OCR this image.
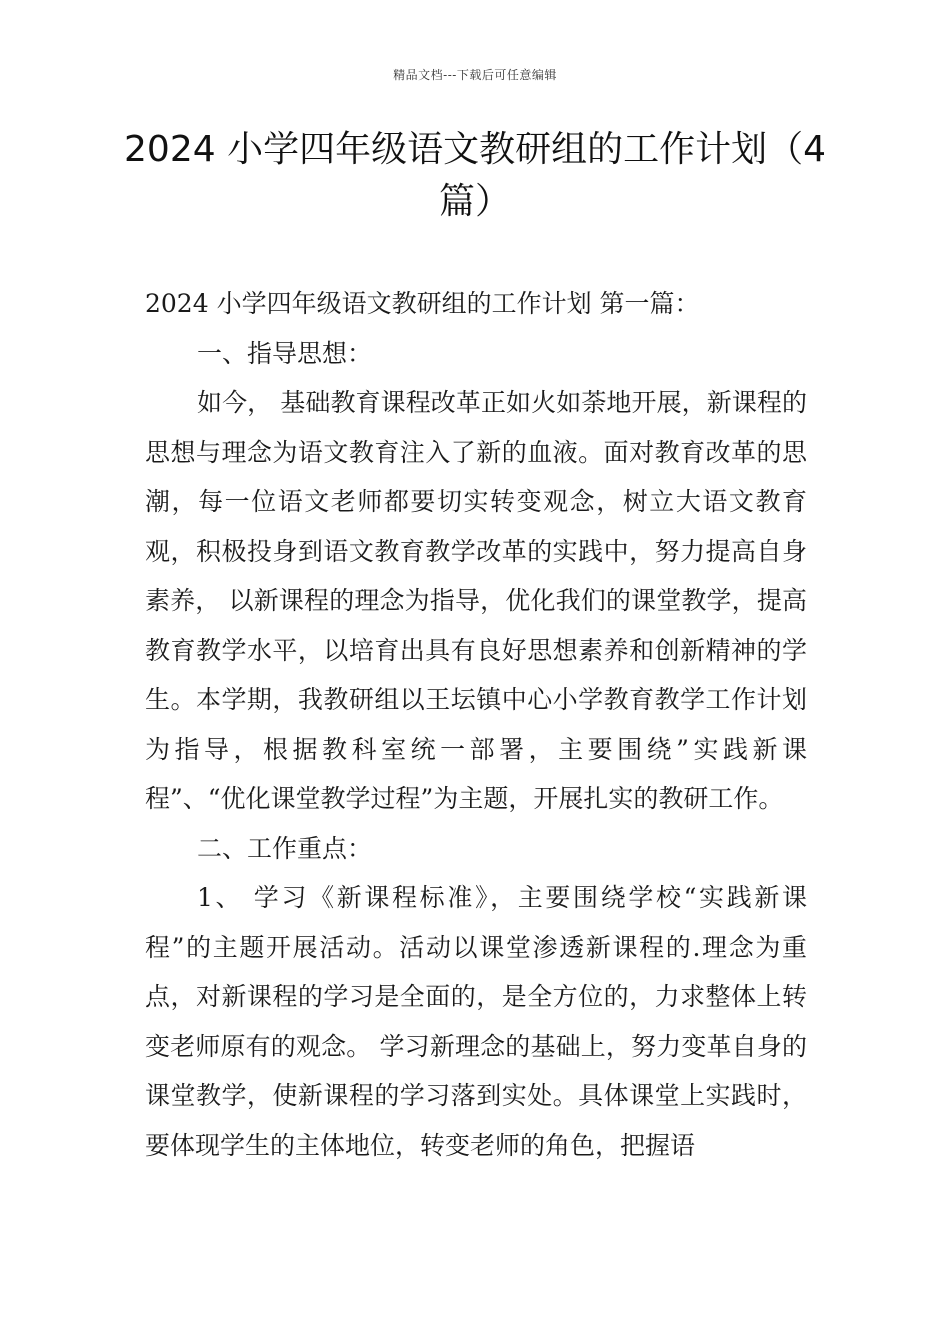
精品文档---下载后可任意编辑
2024 小学四年级语文教研组的工作计划（4 篇）

2024 小学四年级语文教研组的工作计划 第一篇：

一、指导思想：

如今， 基础教育课程改革正如火如荼地开展，新课程的思想与理念为语文教育注入了新的血液。面对教育改革的思潮，每一位语文老师都要切实转变观念，树立大语文教育观，积极投身到语文教育教学改革的实践中，努力提高自身素养， 以新课程的理念为指导，优化我们的课堂教学，提高教育教学水平，以培育出具有良好思想素养和创新精神的学生。本学期，我教研组以王坛镇中心小学教育教学工作计划为指导，根据教科室统一部署，主要围绕”实践新课程”、“优化课堂教学过程”为主题，开展扎实的教研工作。

二、工作重点：

1、 学习《新课程标准》，主要围绕学校“实践新课程”的主题开展活动。活动以课堂渗透新课程的.理念为重点，对新课程的学习是全面的，是全方位的，力求整体上转变老师原有的观念。 学习新理念的基础上，努力变革自身的课堂教学，使新课程的学习落到实处。具体课堂上实践时，要体现学生的主体地位，转变老师的角色，把握语
